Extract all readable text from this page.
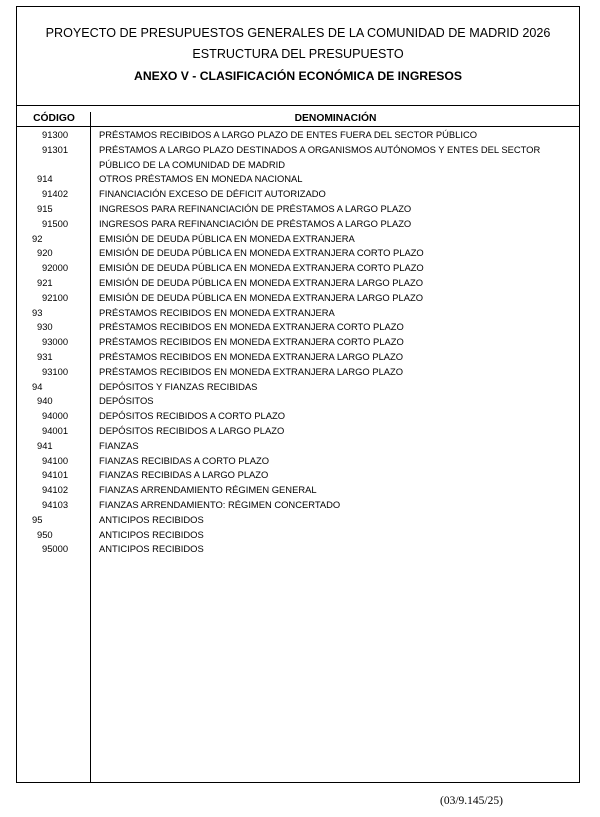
PROYECTO DE PRESUPUESTOS GENERALES DE LA COMUNIDAD DE MADRID 2026
ESTRUCTURA DEL PRESUPUESTO
ANEXO V - CLASIFICACIÓN ECONÓMICA DE INGRESOS
CÓDIGO	DENOMINACIÓN
91300	PRÉSTAMOS RECIBIDOS A LARGO PLAZO DE ENTES FUERA DEL SECTOR PÚBLICO
91301	PRÉSTAMOS A LARGO PLAZO DESTINADOS A ORGANISMOS AUTÓNOMOS Y ENTES DEL SECTOR PÚBLICO DE LA COMUNIDAD DE MADRID
914	OTROS PRÉSTAMOS EN MONEDA NACIONAL
91402	FINANCIACIÓN EXCESO DE DÉFICIT AUTORIZADO
915	INGRESOS PARA REFINANCIACIÓN DE PRÉSTAMOS A LARGO PLAZO
91500	INGRESOS PARA REFINANCIACIÓN DE PRÉSTAMOS A LARGO PLAZO
92	EMISIÓN DE DEUDA PÚBLICA EN MONEDA EXTRANJERA
920	EMISIÓN DE DEUDA PÚBLICA EN MONEDA EXTRANJERA CORTO PLAZO
92000	EMISIÓN DE DEUDA PÚBLICA EN MONEDA EXTRANJERA CORTO PLAZO
921	EMISIÓN DE DEUDA PÚBLICA EN MONEDA EXTRANJERA LARGO PLAZO
92100	EMISIÓN DE DEUDA PÚBLICA EN MONEDA EXTRANJERA LARGO PLAZO
93	PRÉSTAMOS RECIBIDOS EN MONEDA EXTRANJERA
930	PRÉSTAMOS RECIBIDOS EN MONEDA EXTRANJERA CORTO PLAZO
93000	PRÉSTAMOS RECIBIDOS EN MONEDA EXTRANJERA CORTO PLAZO
931	PRÉSTAMOS RECIBIDOS EN MONEDA EXTRANJERA LARGO PLAZO
93100	PRÉSTAMOS RECIBIDOS EN MONEDA EXTRANJERA LARGO PLAZO
94	DEPÓSITOS Y FIANZAS RECIBIDAS
940	DEPÓSITOS
94000	DEPÓSITOS RECIBIDOS A CORTO PLAZO
94001	DEPÓSITOS RECIBIDOS A LARGO PLAZO
941	FIANZAS
94100	FIANZAS RECIBIDAS A CORTO PLAZO
94101	FIANZAS RECIBIDAS A LARGO PLAZO
94102	FIANZAS ARRENDAMIENTO RÉGIMEN GENERAL
94103	FIANZAS ARRENDAMIENTO: RÉGIMEN CONCERTADO
95	ANTICIPOS RECIBIDOS
950	ANTICIPOS RECIBIDOS
95000	ANTICIPOS RECIBIDOS
(03/9.145/25)
